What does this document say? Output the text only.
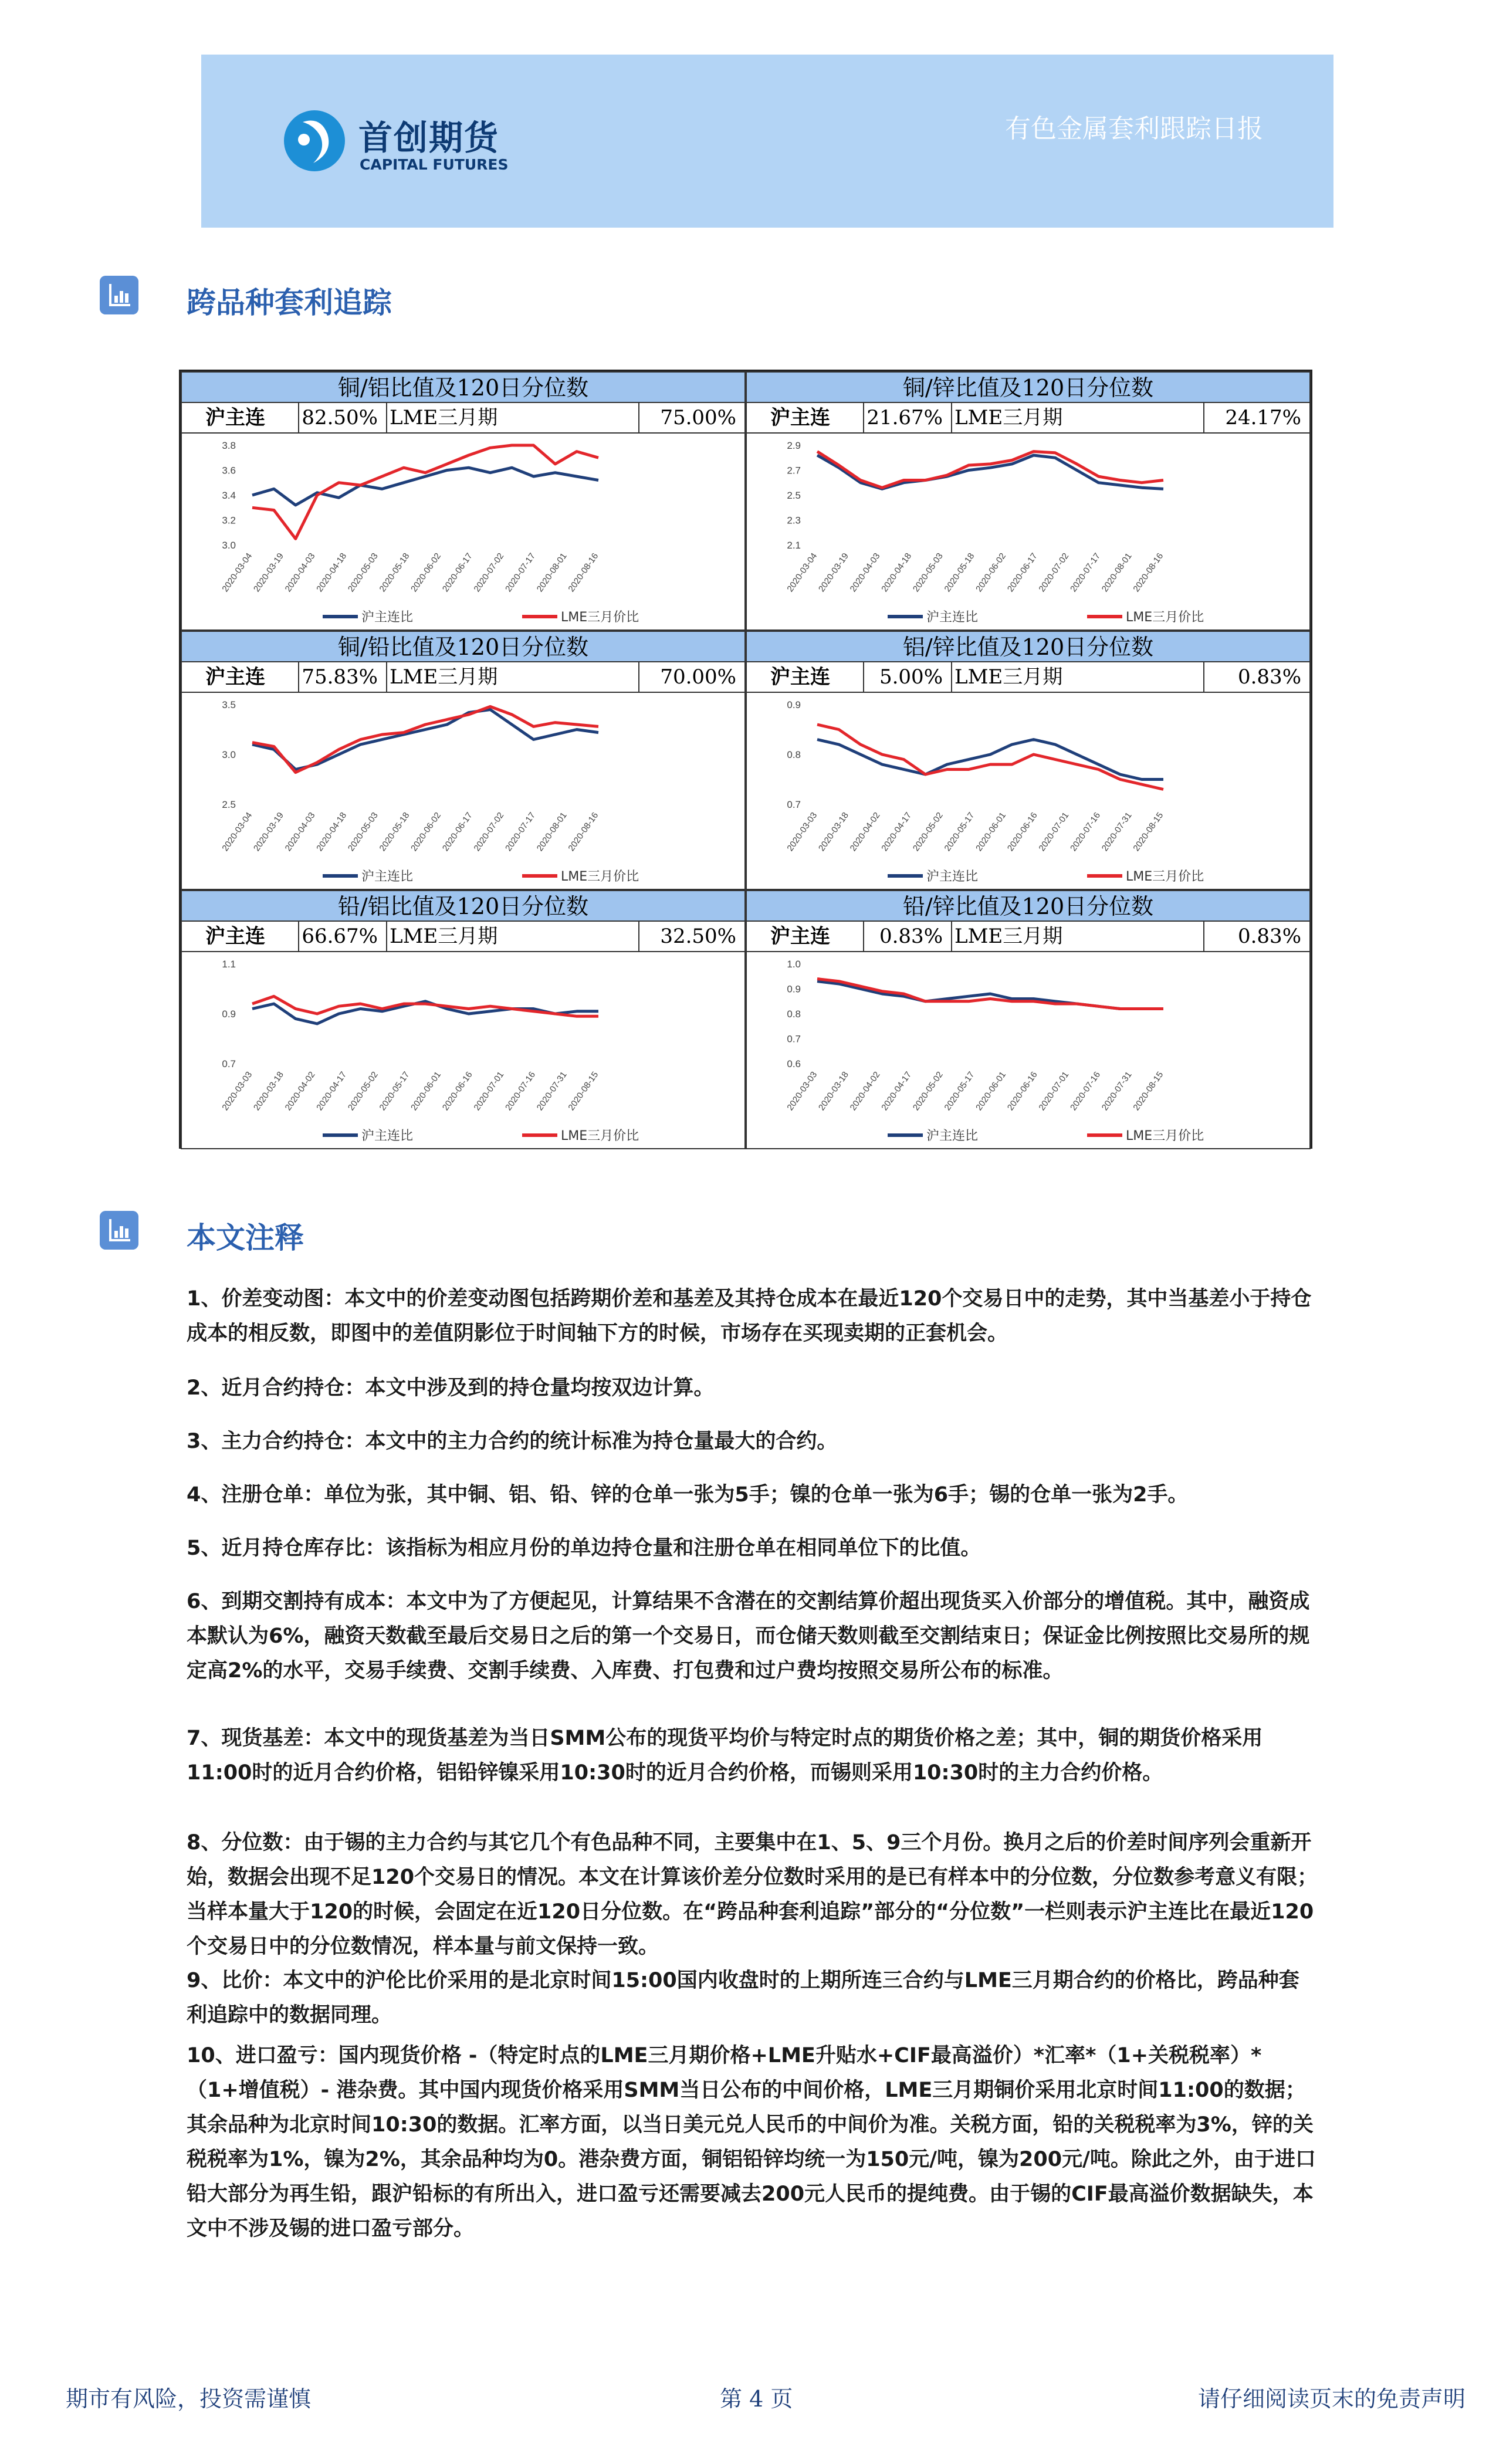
首创期货
CAPITAL FUTURES
有色金属套利跟踪日报
跨品种套利追踪
铜/铝比值及120日分位数
沪主连	82.50% LME三月期	75.00%
3.8
3.6
3.4
3.2
3.0
2020-03-04
2020-03-19
2020-04-03
2020-04-18
2020-05-03
2020-05-18
2020-06-02
2020-06-17
2020-07-02
2020-07-17
2020-08-01
2020-08-16
沪主连比	LME三月价比
铜/锌比值及120日分位数
沪主连	21.67% LME三月期	24.17%
2.9
2.7
2.5
2.3
2.1
2020-03-04
2020-03-19
2020-04-03
2020-04-18
2020-05-03
2020-05-18
2020-06-02
2020-06-17
2020-07-02
2020-07-17
2020-08-01
2020-08-16
沪主连比	LME三月价比
铜/铅比值及120日分位数
沪主连	75.83% LME三月期	70.00%
3.5
3.0
2.5
2020-03-04
2020-03-19
2020-04-03
2020-04-18
2020-05-03
2020-05-18
2020-06-02
2020-06-17
2020-07-02
2020-07-17
2020-08-01
2020-08-16
沪主连比	LME三月价比
铝/锌比值及120日分位数
沪主连	5.00% LME三月期	0.83%
0.9
0.8
0.7
2020-03-03
2020-03-18
2020-04-02
2020-04-17
2020-05-02
2020-05-17
2020-06-01
2020-06-16
2020-07-01
2020-07-16
2020-07-31
2020-08-15
沪主连比	LME三月价比
铅/铝比值及120日分位数
沪主连	66.67% LME三月期	32.50%
1.1
0.9
0.7
2020-03-03
2020-03-18
2020-04-02
2020-04-17
2020-05-02
2020-05-17
2020-06-01
2020-06-16
2020-07-01
2020-07-16
2020-07-31
2020-08-15
沪主连比	LME三月价比
铅/锌比值及120日分位数
沪主连	0.83% LME三月期	0.83%
1.0
0.9
0.8
0.7
0.6
2020-03-03
2020-03-18
2020-04-02
2020-04-17
2020-05-02
2020-05-17
2020-06-01
2020-06-16
2020-07-01
2020-07-16
2020-07-31
2020-08-15
沪主连比	LME三月价比
本文注释
1、价差变动图：本文中的价差变动图包括跨期价差和基差及其持仓成本在最近120个交易日中的走势，其中当基差小于持仓成本的相反数，即图中的差值阴影位于时间轴下方的时候，市场存在买现卖期的正套机会。
2、近月合约持仓：本文中涉及到的持仓量均按双边计算。
3、主力合约持仓：本文中的主力合约的统计标准为持仓量最大的合约。
4、注册仓单：单位为张，其中铜、铝、铅、锌的仓单一张为5手；镍的仓单一张为6手；锡的仓单一张为2手。
5、近月持仓库存比：该指标为相应月份的单边持仓量和注册仓单在相同单位下的比值。
6、到期交割持有成本：本文中为了方便起见，计算结果不含潜在的交割结算价超出现货买入价部分的增值税。其中，融资成本默认为6%，融资天数截至最后交易日之后的第一个交易日，而仓储天数则截至交割结束日；保证金比例按照比交易所的规定高2%的水平，交易手续费、交割手续费、入库费、打包费和过户费均按照交易所公布的标准。
7、现货基差：本文中的现货基差为当日SMM公布的现货平均价与特定时点的期货价格之差；其中，铜的期货价格采用11:00时的近月合约价格，铝铅锌镍采用10:30时的近月合约价格，而锡则采用10:30时的主力合约价格。
8、分位数：由于锡的主力合约与其它几个有色品种不同，主要集中在1、5、9三个月份。换月之后的价差时间序列会重新开始，数据会出现不足120个交易日的情况。本文在计算该价差分位数时采用的是已有样本中的分位数，分位数参考意义有限；当样本量大于120的时候，会固定在近120日分位数。在“跨品种套利追踪”部分的“分位数”一栏则表示沪主连比在最近120个交易日中的分位数情况，样本量与前文保持一致。
9、比价：本文中的沪伦比价采用的是北京时间15:00国内收盘时的上期所连三合约与LME三月期合约的价格比，跨品种套利追踪中的数据同理。
10、进口盈亏：国内现货价格 -（特定时点的LME三月期价格+LME升贴水+CIF最高溢价）*汇率*（1+关税税率）*（1+增值税）- 港杂费。其中国内现货价格采用SMM当日公布的中间价格，LME三月期铜价采用北京时间11:00的数据；其余品种为北京时间10:30的数据。汇率方面，以当日美元兑人民币的中间价为准。关税方面，铅的关税税率为3%，锌的关税税率为1%，镍为2%，其余品种均为0。港杂费方面，铜铝铅锌均统一为150元/吨，镍为200元/吨。除此之外，由于进口铅大部分为再生铅，跟沪铅标的有所出入，进口盈亏还需要减去200元人民币的提纯费。由于锡的CIF最高溢价数据缺失，本文中不涉及锡的进口盈亏部分。
期市有风险，投资需谨慎	第 4 页	请仔细阅读页末的免责声明
